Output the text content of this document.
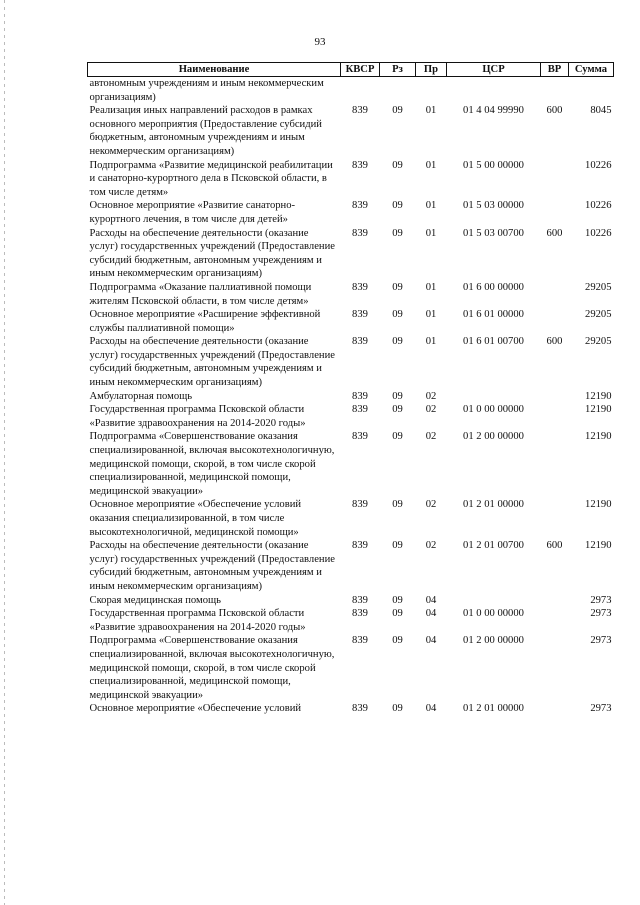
93
Наименование	КВСР	Рз	Пр	ЦСР	ВР	Сумма
автономным учреждениям и иным некоммерческим организациям)						
Реализация иных направлений расходов в рамках основного мероприятия (Предоставление субсидий бюджетным, автономным учреждениям и иным некоммерческим организациям)	839	09	01	01 4 04 99990	600	8045
Подпрограмма «Развитие медицинской реабилитации и санаторно-курортного дела в Псковской области, в том числе детям»	839	09	01	01 5 00 00000		10226
Основное мероприятие «Развитие санаторно-курортного лечения, в том числе для детей»	839	09	01	01 5 03 00000		10226
Расходы на обеспечение деятельности (оказание услуг) государственных учреждений (Предоставление субсидий бюджетным, автономным учреждениям и иным некоммерческим организациям)	839	09	01	01 5 03 00700	600	10226
Подпрограмма «Оказание паллиативной помощи жителям Псковской области, в том числе детям»	839	09	01	01 6 00 00000		29205
Основное мероприятие «Расширение эффективной службы паллиативной помощи»	839	09	01	01 6 01 00000		29205
Расходы на обеспечение деятельности (оказание услуг) государственных учреждений (Предоставление субсидий бюджетным, автономным учреждениям и иным некоммерческим организациям)	839	09	01	01 6 01 00700	600	29205
Амбулаторная помощь	839	09	02			12190
Государственная программа Псковской области «Развитие здравоохранения на 2014-2020 годы»	839	09	02	01 0 00 00000		12190
Подпрограмма «Совершенствование оказания специализированной, включая высокотехнологичную, медицинской помощи, скорой, в том числе скорой специализированной, медицинской помощи, медицинской эвакуации»	839	09	02	01 2 00 00000		12190
Основное мероприятие «Обеспечение условий оказания специализированной, в том числе высокотехнологичной, медицинской помощи»	839	09	02	01 2 01 00000		12190
Расходы на обеспечение деятельности (оказание услуг) государственных учреждений (Предоставление субсидий бюджетным, автономным учреждениям и иным некоммерческим организациям)	839	09	02	01 2 01 00700	600	12190
Скорая медицинская помощь	839	09	04			2973
Государственная программа Псковской области «Развитие здравоохранения на 2014-2020 годы»	839	09	04	01 0 00 00000		2973
Подпрограмма «Совершенствование оказания специализированной, включая высокотехнологичную, медицинской помощи, скорой, в том числе скорой специализированной, медицинской помощи, медицинской эвакуации»	839	09	04	01 2 00 00000		2973
Основное мероприятие «Обеспечение условий	839	09	04	01 2 01 00000		2973
